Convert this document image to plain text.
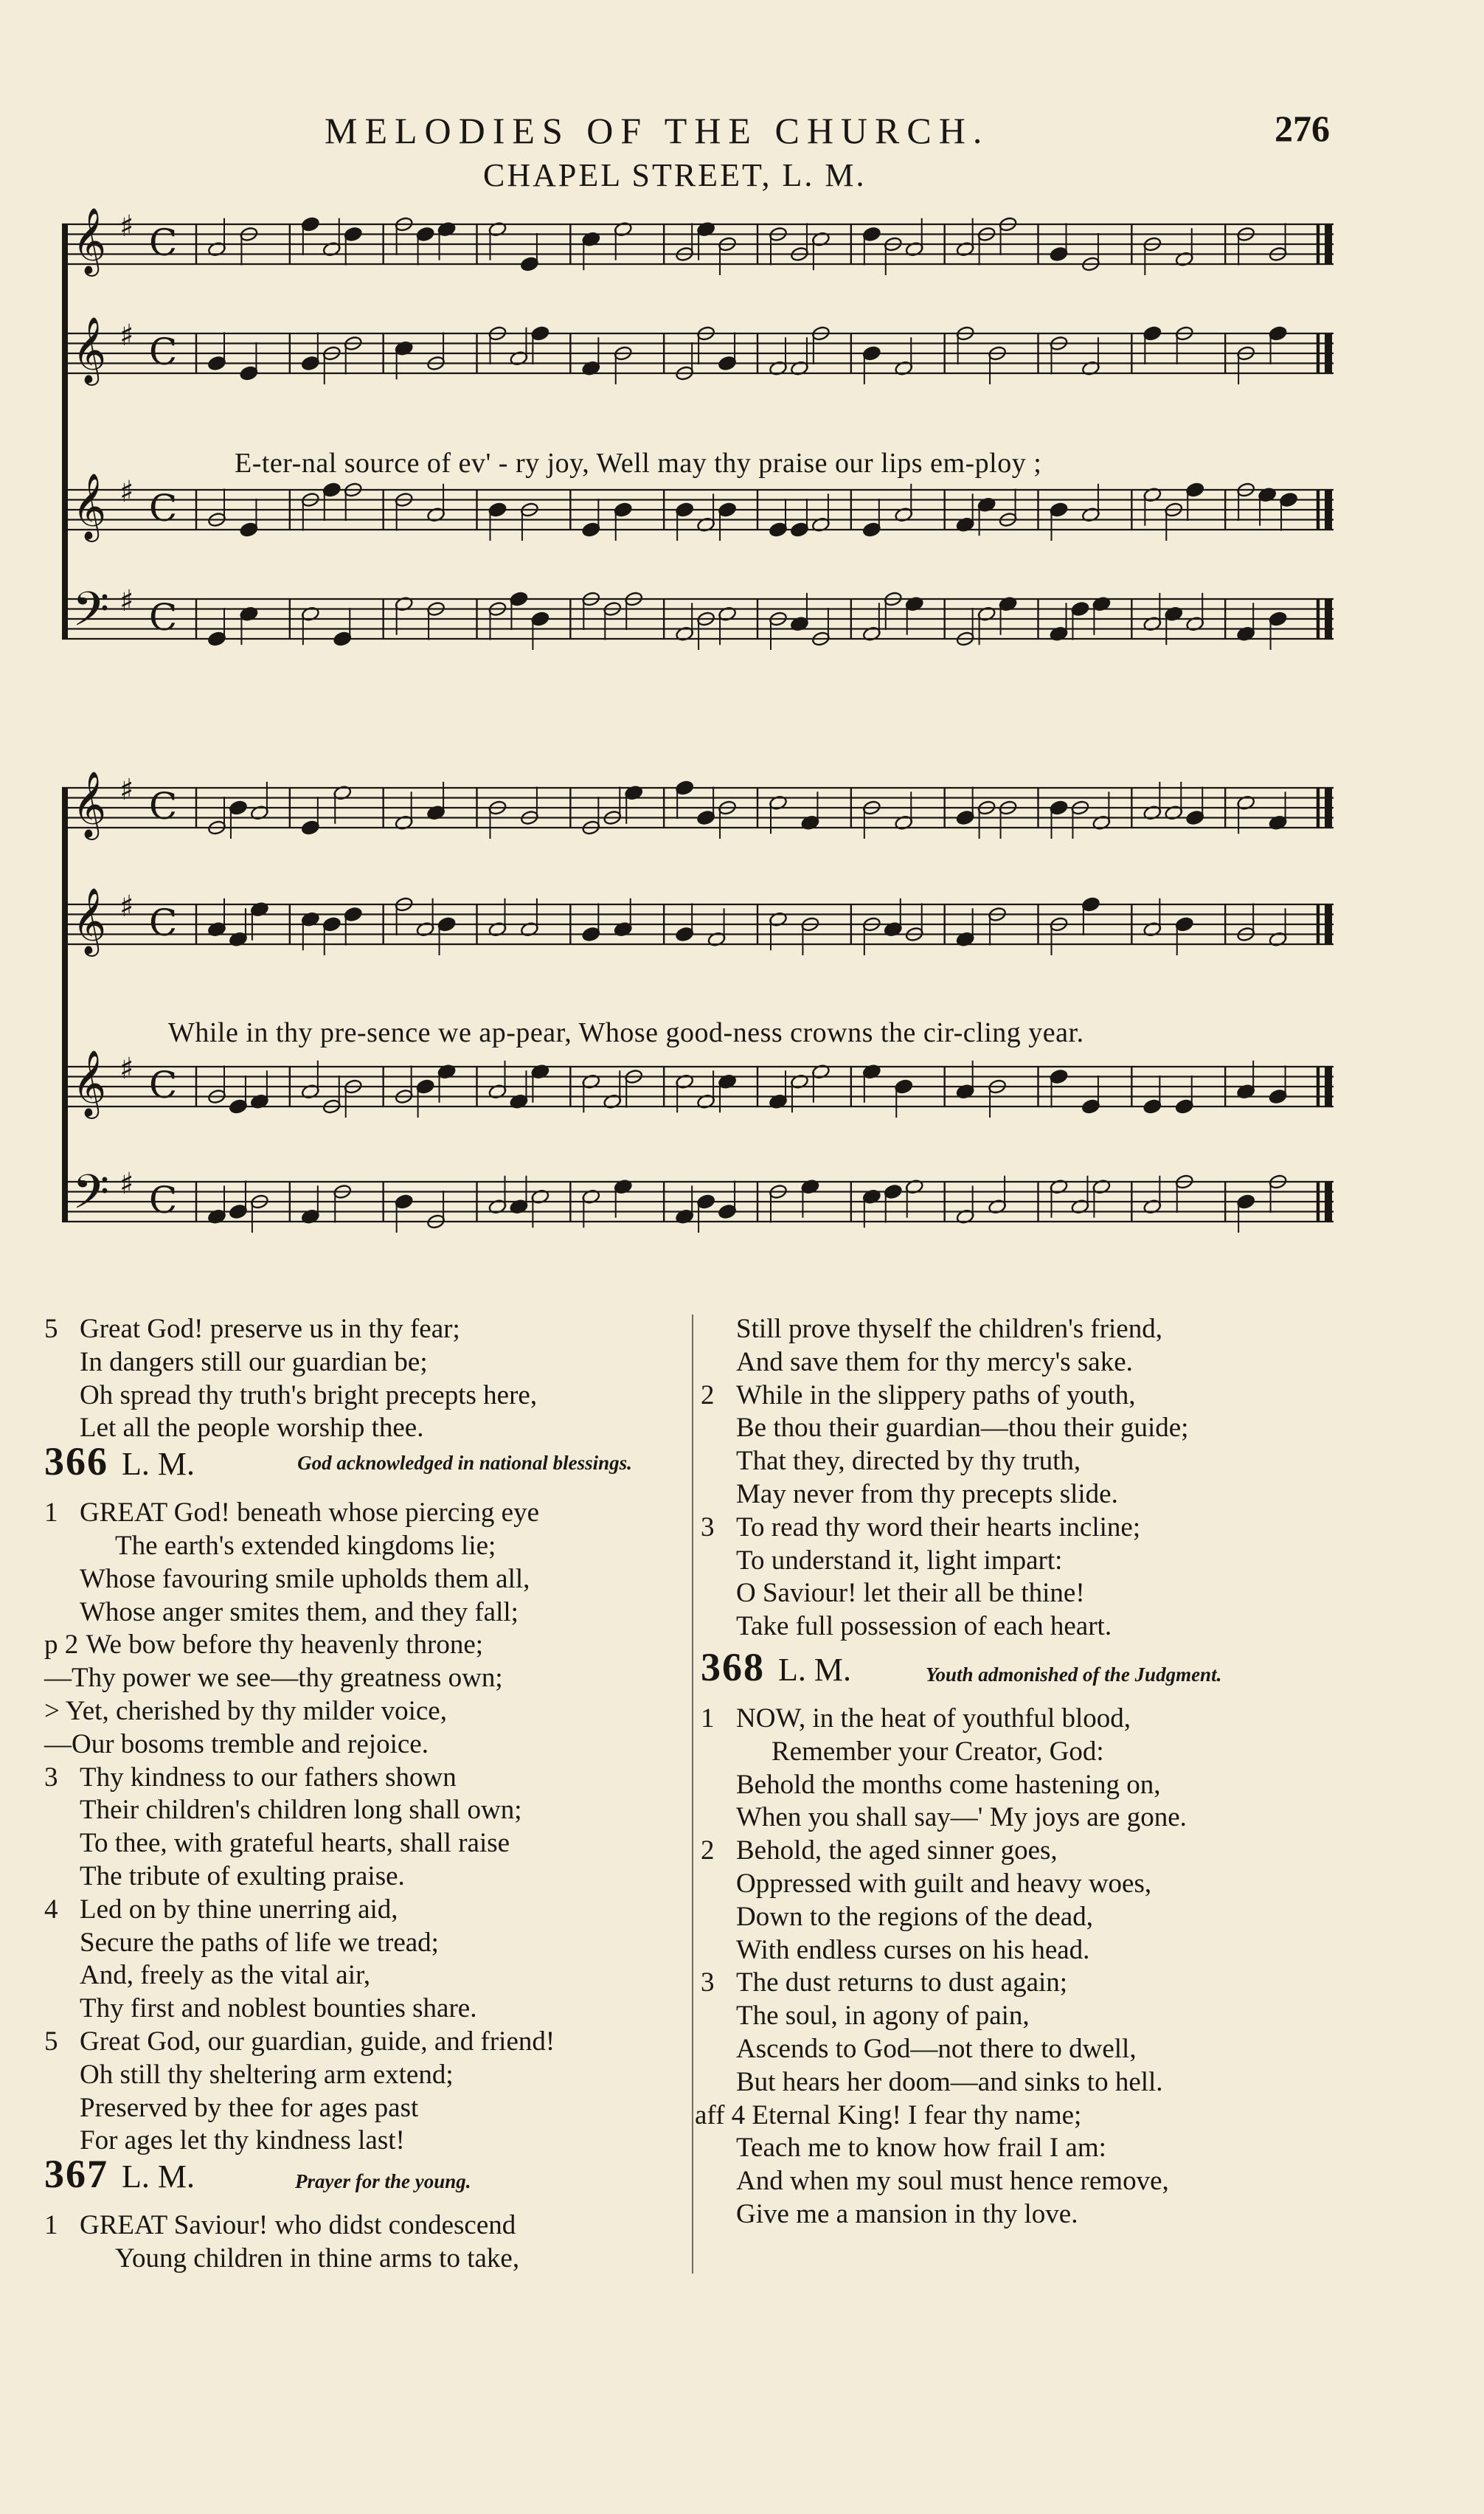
MELODIES OF THE CHURCH.	276
CHAPEL STREET, L. M.
𝄞 ♯ C
𝄞 ♯ C
𝄞 ♯ C
𝄢 ♯ C
E-ter-nal source of ev' - ry joy, Well may thy praise our lips em-ploy ;
𝄞 ♯ C
𝄞 ♯ C
𝄞 ♯ C
𝄢 ♯ C
While in thy pre-sence we ap-pear, Whose good-ness crowns the cir-cling year.
5 Great God! preserve us in thy fear;
In dangers still our guardian be;
Oh spread thy truth's bright precepts here,
Let all the people worship thee.
366 L. M.	God acknowledged in national blessings.
1 GREAT God! beneath whose piercing eye
The earth's extended kingdoms lie;
Whose favouring smile upholds them all,
Whose anger smites them, and they fall;
p 2 We bow before thy heavenly throne;
—Thy power we see—thy greatness own;
> Yet, cherished by thy milder voice,
—Our bosoms tremble and rejoice.
3 Thy kindness to our fathers shown
Their children's children long shall own;
To thee, with grateful hearts, shall raise
The tribute of exulting praise.
4 Led on by thine unerring aid,
Secure the paths of life we tread;
And, freely as the vital air,
Thy first and noblest bounties share.
5 Great God, our guardian, guide, and friend!
Oh still thy sheltering arm extend;
Preserved by thee for ages past
For ages let thy kindness last!
367 L. M.	Prayer for the young.
1 GREAT Saviour! who didst condescend
Young children in thine arms to take,
Still prove thyself the children's friend,
And save them for thy mercy's sake.
2 While in the slippery paths of youth,
Be thou their guardian—thou their guide;
That they, directed by thy truth,
May never from thy precepts slide.
3 To read thy word their hearts incline;
To understand it, light impart:
O Saviour! let their all be thine!
Take full possession of each heart.
368 L. M.	Youth admonished of the Judgment.
1 NOW, in the heat of youthful blood,
Remember your Creator, God:
Behold the months come hastening on,
When you shall say—' My joys are gone.
2 Behold, the aged sinner goes,
Oppressed with guilt and heavy woes,
Down to the regions of the dead,
With endless curses on his head.
3 The dust returns to dust again;
The soul, in agony of pain,
Ascends to God—not there to dwell,
But hears her doom—and sinks to hell.
aff 4 Eternal King! I fear thy name;
Teach me to know how frail I am:
And when my soul must hence remove,
Give me a mansion in thy love.
